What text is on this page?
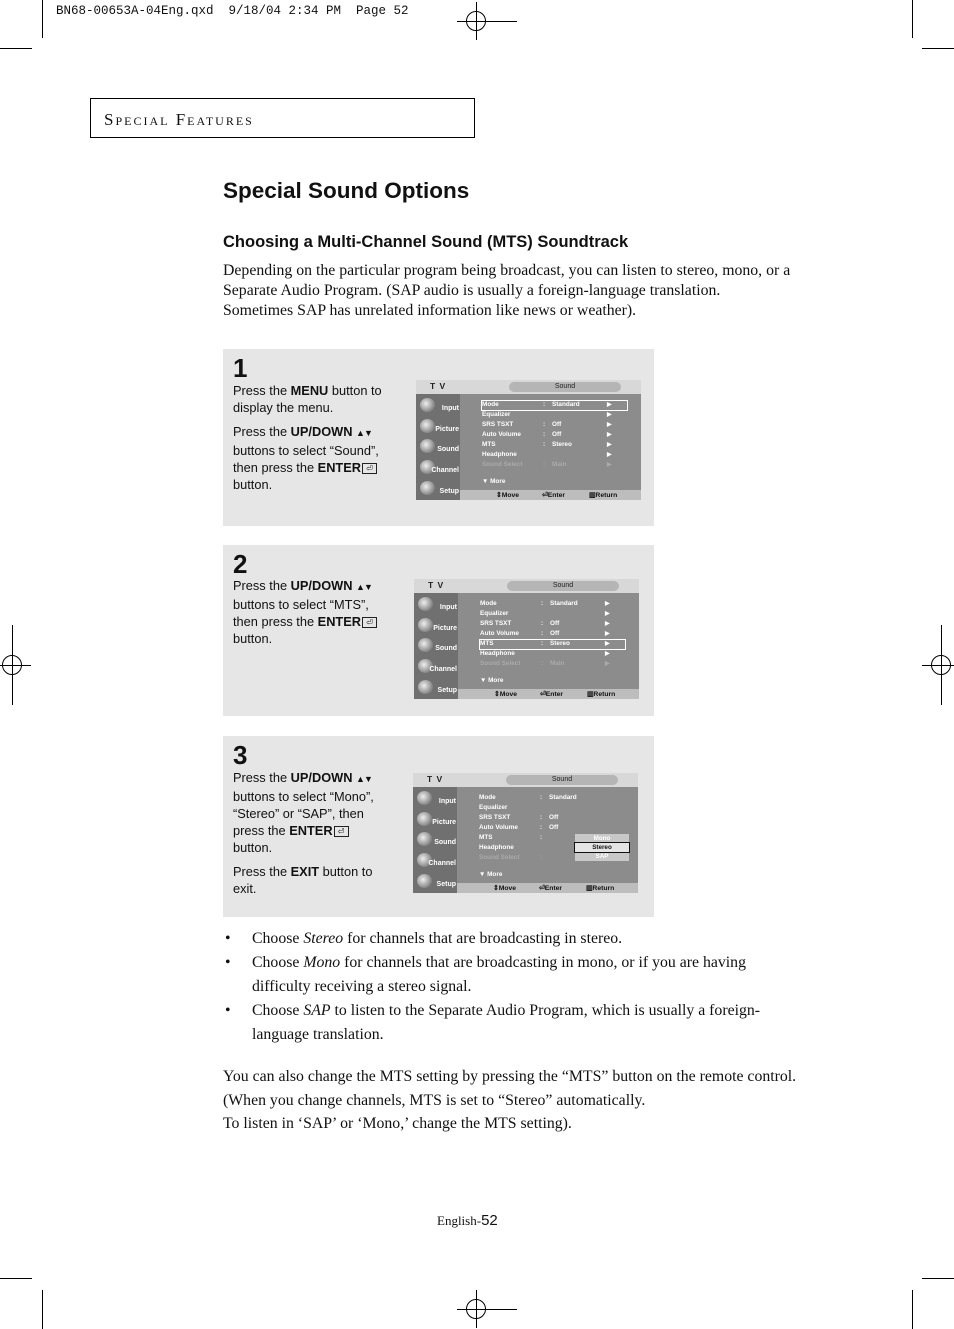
BN68-00653A-04Eng.qxd  9/18/04 2:34 PM  Page 52
Special Features
Special Sound Options
Choosing a Multi-Channel Sound (MTS) Soundtrack
Depending on the particular program being broadcast, you can listen to stereo, mono, or a Separate Audio Program. (SAP audio is usually a foreign-language translation. Sometimes SAP has unrelated information like news or weather).
1

Press the MENU button to display the menu.

Press the UP/DOWN ▲▼ buttons to select “Sound”, then press the ENTER ⏎ button.

T V	Sound
Input
Picture
Sound
Channel
Setup
Mode	: Standard	▶
Equalizer	▶
SRS TSXT	: Off	▶
Auto Volume	: Off	▶
MTS	: Stereo	▶
Headphone	▶
Sound Select	: Main	▶
▼ More
⇕ Move	⏎ Enter	▥ Return
2

Press the UP/DOWN ▲▼ buttons to select “MTS”, then press the ENTER ⏎ button.

T V	Sound
Input
Picture
Sound
Channel
Setup
Mode	: Standard	▶
Equalizer	▶
SRS TSXT	: Off	▶
Auto Volume	: Off	▶
MTS	: Stereo	▶
Headphone	▶
Sound Select	: Main	▶
▼ More
⇕ Move	⏎ Enter	▥ Return
3

Press the UP/DOWN ▲▼ buttons to select “Mono”, “Stereo” or “SAP”, then press the ENTER ⏎ button.

Press the EXIT button to exit.

T V	Sound
Input
Picture
Sound
Channel
Setup
Mode	: Standard
Equalizer
SRS TSXT	: Off
Auto Volume	: Off
MTS	:
Headphone
Sound Select	:
Mono
Stereo
SAP
▼ More
⇕ Move	⏎ Enter	▥ Return
• Choose Stereo for channels that are broadcasting in stereo.
• Choose Mono for channels that are broadcasting in mono, or if you are having difficulty receiving a stereo signal.
• Choose SAP to listen to the Separate Audio Program, which is usually a foreign-language translation.
You can also change the MTS setting by pressing the “MTS” button on the remote control. (When you change channels, MTS is set to “Stereo” automatically.
To listen in ‘SAP’ or ‘Mono,’ change the MTS setting).
English-52
